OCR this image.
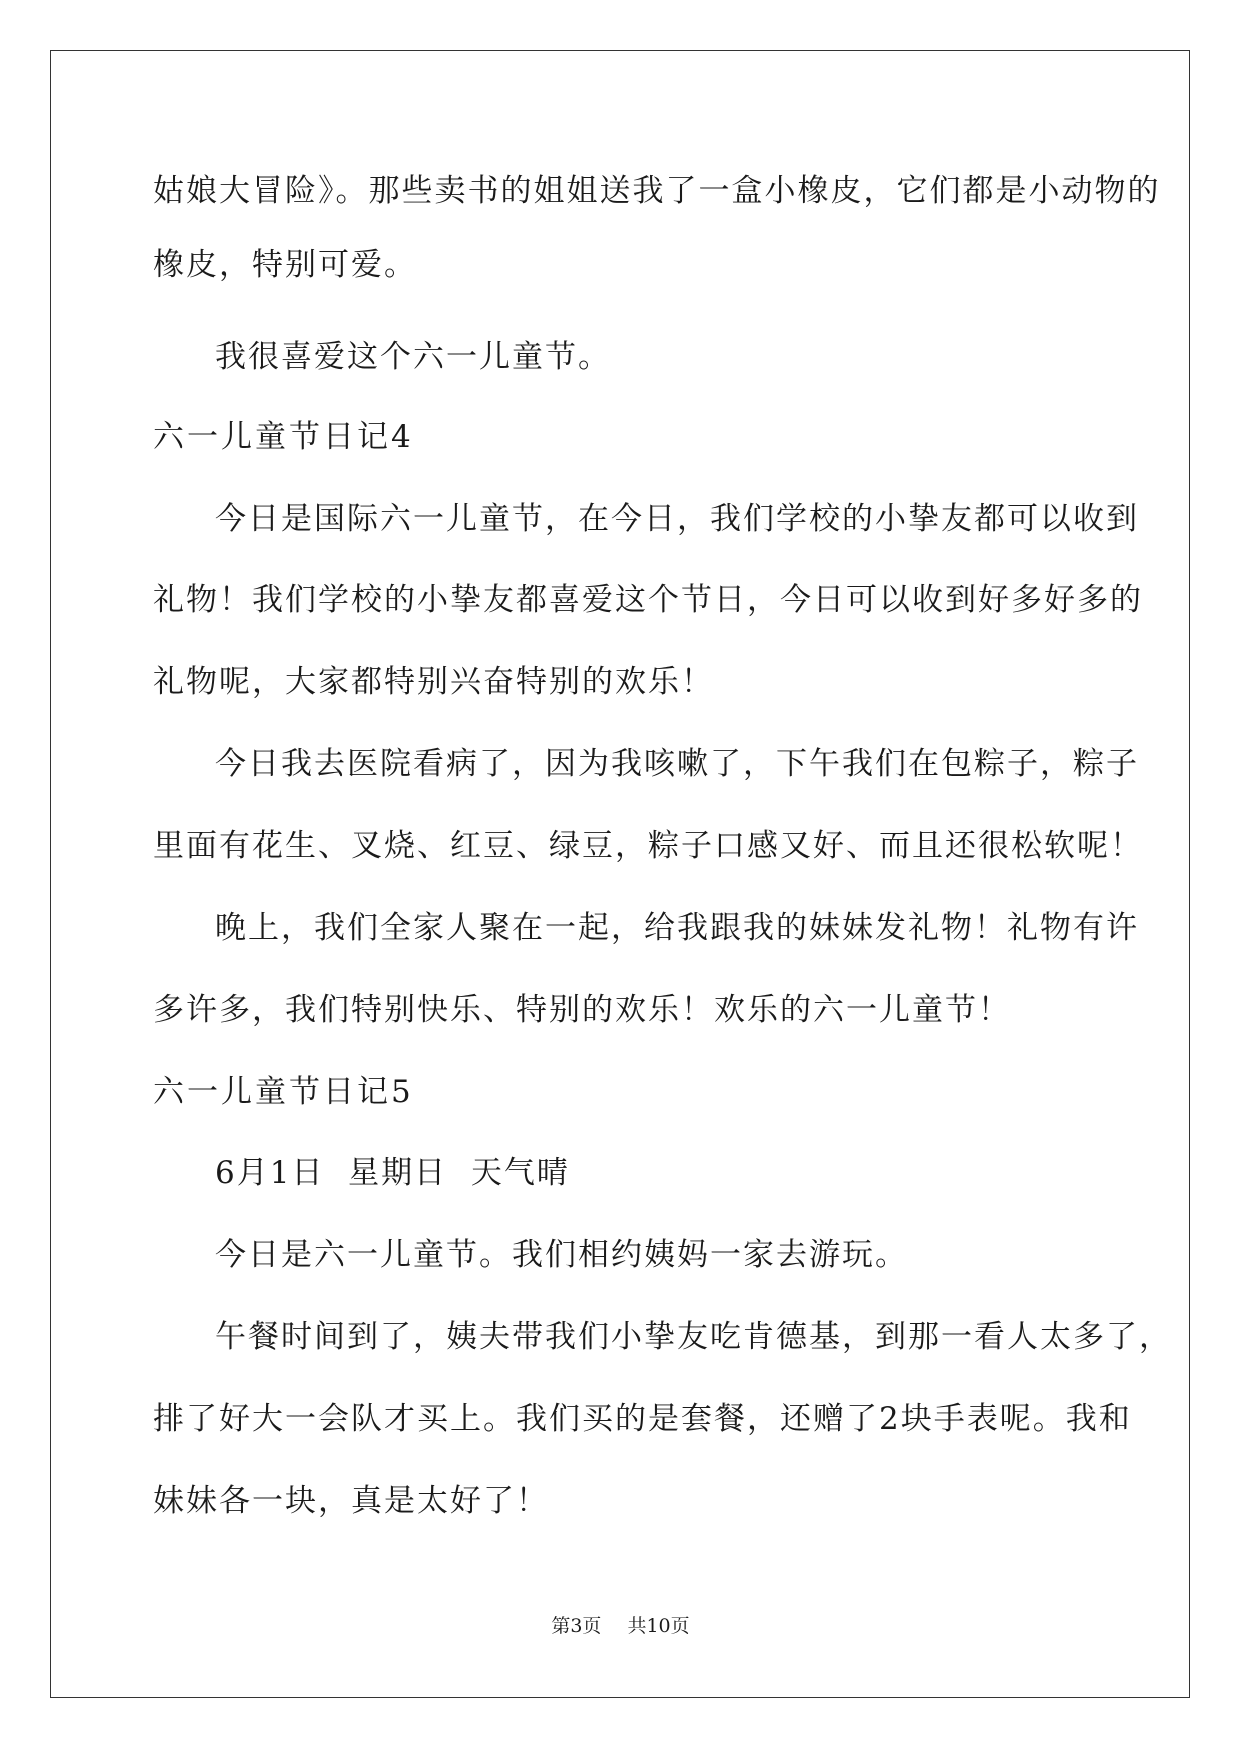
姑娘大冒险》。那些卖书的姐姐送我了一盒小橡皮，它们都是小动物的
橡皮，特别可爱。
我很喜爱这个六一儿童节。
六一儿童节日记4
今日是国际六一儿童节，在今日，我们学校的小挚友都可以收到
礼物！我们学校的小挚友都喜爱这个节日，今日可以收到好多好多的
礼物呢，大家都特别兴奋特别的欢乐！
今日我去医院看病了，因为我咳嗽了，下午我们在包粽子，粽子
里面有花生、叉烧、红豆、绿豆，粽子口感又好、而且还很松软呢！
晚上，我们全家人聚在一起，给我跟我的妹妹发礼物！礼物有许
多许多，我们特别快乐、特别的欢乐！欢乐的六一儿童节！
六一儿童节日记5
6月1日  星期日  天气晴
今日是六一儿童节。我们相约姨妈一家去游玩。
午餐时间到了，姨夫带我们小挚友吃肯德基，到那一看人太多了，
排了好大一会队才买上。我们买的是套餐，还赠了2块手表呢。我和
妹妹各一块，真是太好了！
第3页 共10页
